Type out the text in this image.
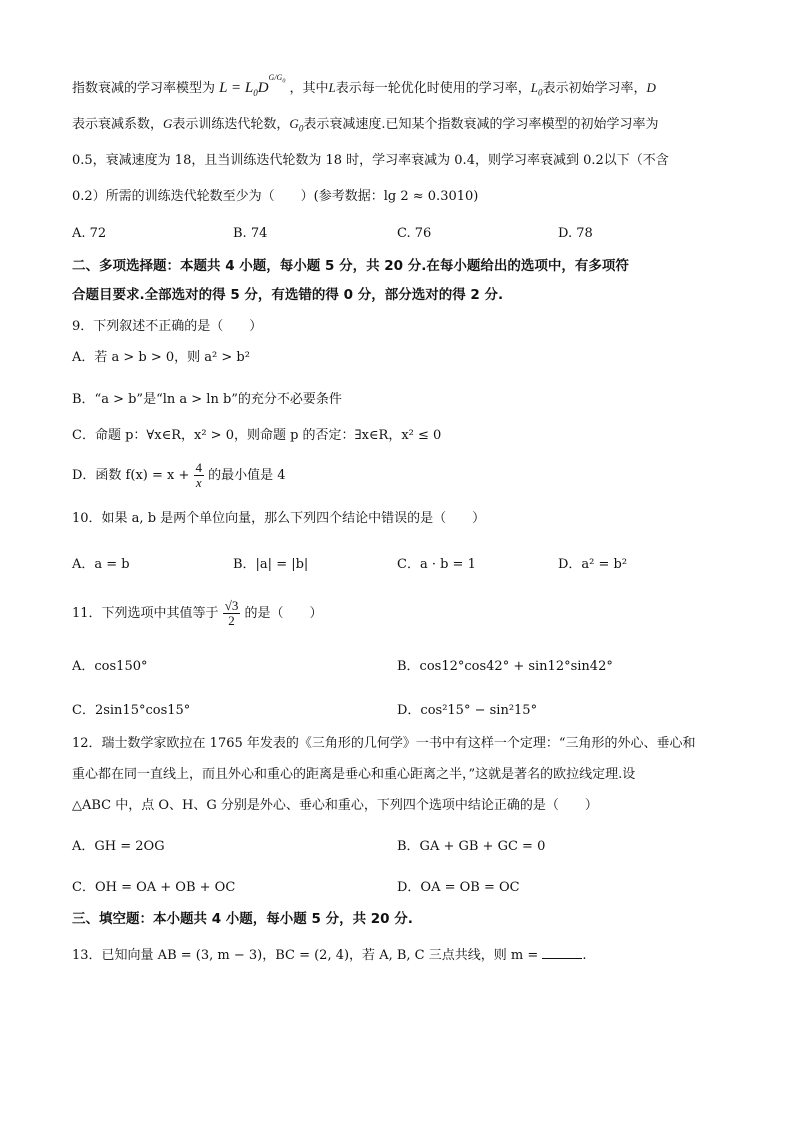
指数衰减的学习率模型为 $L = L_0D^{G/G_0}$ ，其中L表示每一轮优化时使用的学习率，$L_0$表示初始学习率，D
表示衰减系数，G表示训练迭代轮数，$G_0$表示衰减速度.已知某个指数衰减的学习率模型的初始学习率为
0.5，衰减速度为 18，且当训练迭代轮数为 18 时，学习率衰减为 0.4，则学习率衰减到 0.2以下（不含
0.2）所需的训练迭代轮数至少为（　　）(参考数据：lg 2 ≈ 0.3010)
A. 72	B. 74	C. 76	D. 78
二、多项选择题：本题共 4 小题，每小题 5 分，共 20 分.在每小题给出的选项中，有多项符
合题目要求.全部选对的得 5 分，有选错的得 0 分，部分选对的得 2 分.
9．下列叙述不正确的是（　　）
A．若 a > b > 0，则 a² > b²
B．“a > b”是“ln a > ln b”的充分不必要条件
C．命题 p：∀x∈R，x² > 0，则命题 p 的否定：∃x∈R，x² ≤ 0
D．函数 $f(x) = x + \frac{4}{x}$ 的最小值是 4
10．如果 a, b 是两个单位向量，那么下列四个结论中错误的是（　　）
A．a = b	B．|a| = |b|	C．a · b = 1	D．a² = b²
11．下列选项中其值等于 $\frac{√3}{2}$ 的是（　　）
A．cos150°	B．cos12°cos42° + sin12°sin42°
C．2sin15°cos15°	D．cos²15° − sin²15°
12．瑞士数学家欧拉在 1765 年发表的《三角形的几何学》一书中有这样一个定理：“三角形的外心、垂心和
重心都在同一直线上，而且外心和重心的距离是垂心和重心距离之半，”这就是著名的欧拉线定理.设
△ABC 中，点 O、H、G 分别是外心、垂心和重心，下列四个选项中结论正确的是（　　）
A．GH = 2OG	B．GA + GB + GC = 0
C．OH = OA + OB + OC	D．OA = OB = OC
三、填空题：本小题共 4 小题，每小题 5 分，共 20 分.
13．已知向量 AB = (3, m − 3)，BC = (2, 4)，若 A, B, C 三点共线，则 m =	.
